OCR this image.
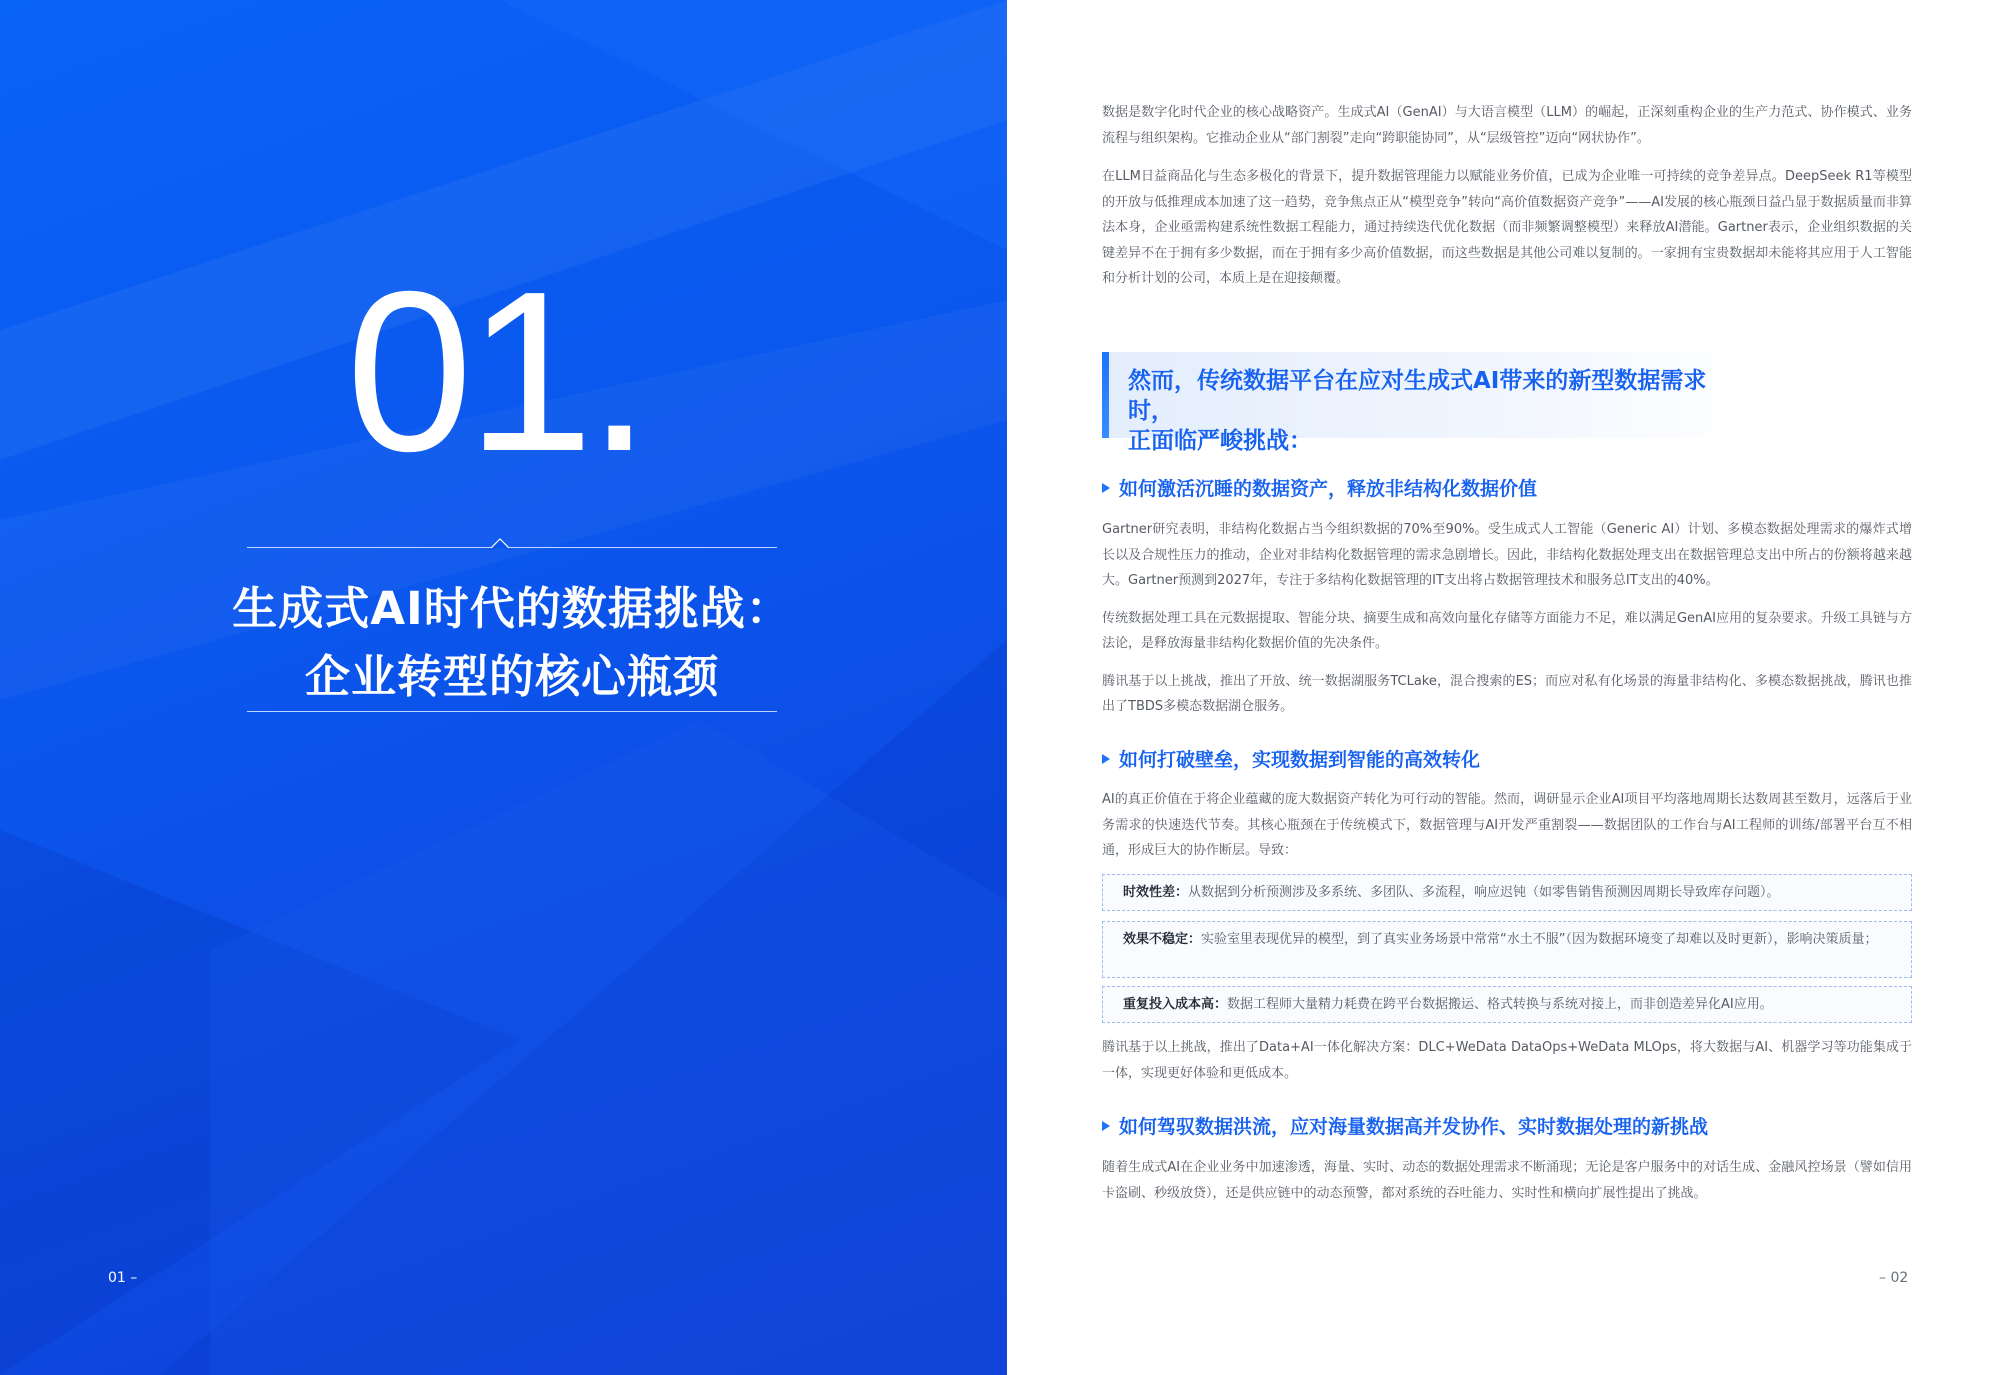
01.
生成式AI时代的数据挑战：
企业转型的核心瓶颈
01 –

数据是数字化时代企业的核心战略资产。生成式AI（GenAI）与大语言模型（LLM）的崛起，正深刻重构企业的生产力范式、协作模式、业务流程与组织架构。它推动企业从“部门割裂”走向“跨职能协同”，从“层级管控”迈向“网状协作”。

在LLM日益商品化与生态多极化的背景下，提升数据管理能力以赋能业务价值，已成为企业唯一可持续的竞争差异点。DeepSeek R1等模型的开放与低推理成本加速了这一趋势，竞争焦点正从“模型竞争”转向“高价值数据资产竞争”——AI发展的核心瓶颈日益凸显于数据质量而非算法本身，企业亟需构建系统性数据工程能力，通过持续迭代优化数据（而非频繁调整模型）来释放AI潜能。Gartner表示，企业组织数据的关键差异不在于拥有多少数据，而在于拥有多少高价值数据，而这些数据是其他公司难以复制的。一家拥有宝贵数据却未能将其应用于人工智能和分析计划的公司，本质上是在迎接颠覆。

然而，传统数据平台在应对生成式AI带来的新型数据需求时，
正面临严峻挑战：
如何激活沉睡的数据资产，释放非结构化数据价值

Gartner研究表明，非结构化数据占当今组织数据的70%至90%。受生成式人工智能（Generic AI）计划、多模态数据处理需求的爆炸式增长以及合规性压力的推动，企业对非结构化数据管理的需求急剧增长。因此，非结构化数据处理支出在数据管理总支出中所占的份额将越来越大。Gartner预测到2027年，专注于多结构化数据管理的IT支出将占数据管理技术和服务总IT支出的40%。

传统数据处理工具在元数据提取、智能分块、摘要生成和高效向量化存储等方面能力不足，难以满足GenAI应用的复杂要求。升级工具链与方法论，是释放海量非结构化数据价值的先决条件。

腾讯基于以上挑战，推出了开放、统一数据湖服务TCLake，混合搜索的ES；而应对私有化场景的海量非结构化、多模态数据挑战，腾讯也推出了TBDS多模态数据湖仓服务。

如何打破壁垒，实现数据到智能的高效转化

AI的真正价值在于将企业蕴藏的庞大数据资产转化为可行动的智能。然而，调研显示企业AI项目平均落地周期长达数周甚至数月，远落后于业务需求的快速迭代节奏。其核心瓶颈在于传统模式下，数据管理与AI开发严重割裂——数据团队的工作台与AI工程师的训练/部署平台互不相通，形成巨大的协作断层。导致：

时效性差：从数据到分析预测涉及多系统、多团队、多流程，响应迟钝（如零售销售预测因周期长导致库存问题）。
效果不稳定：实验室里表现优异的模型，到了真实业务场景中常常“水土不服”（因为数据环境变了却难以及时更新），影响决策质量；
重复投入成本高：数据工程师大量精力耗费在跨平台数据搬运、格式转换与系统对接上，而非创造差异化AI应用。

腾讯基于以上挑战，推出了Data+AI一体化解决方案：DLC+WeData DataOps+WeData MLOps，将大数据与AI、机器学习等功能集成于一体，实现更好体验和更低成本。

如何驾驭数据洪流，应对海量数据高并发协作、实时数据处理的新挑战

随着生成式AI在企业业务中加速渗透，海量、实时、动态的数据处理需求不断涌现；无论是客户服务中的对话生成、金融风控场景（譬如信用卡盗刷、秒级放贷），还是供应链中的动态预警，都对系统的吞吐能力、实时性和横向扩展性提出了挑战。

– 02
